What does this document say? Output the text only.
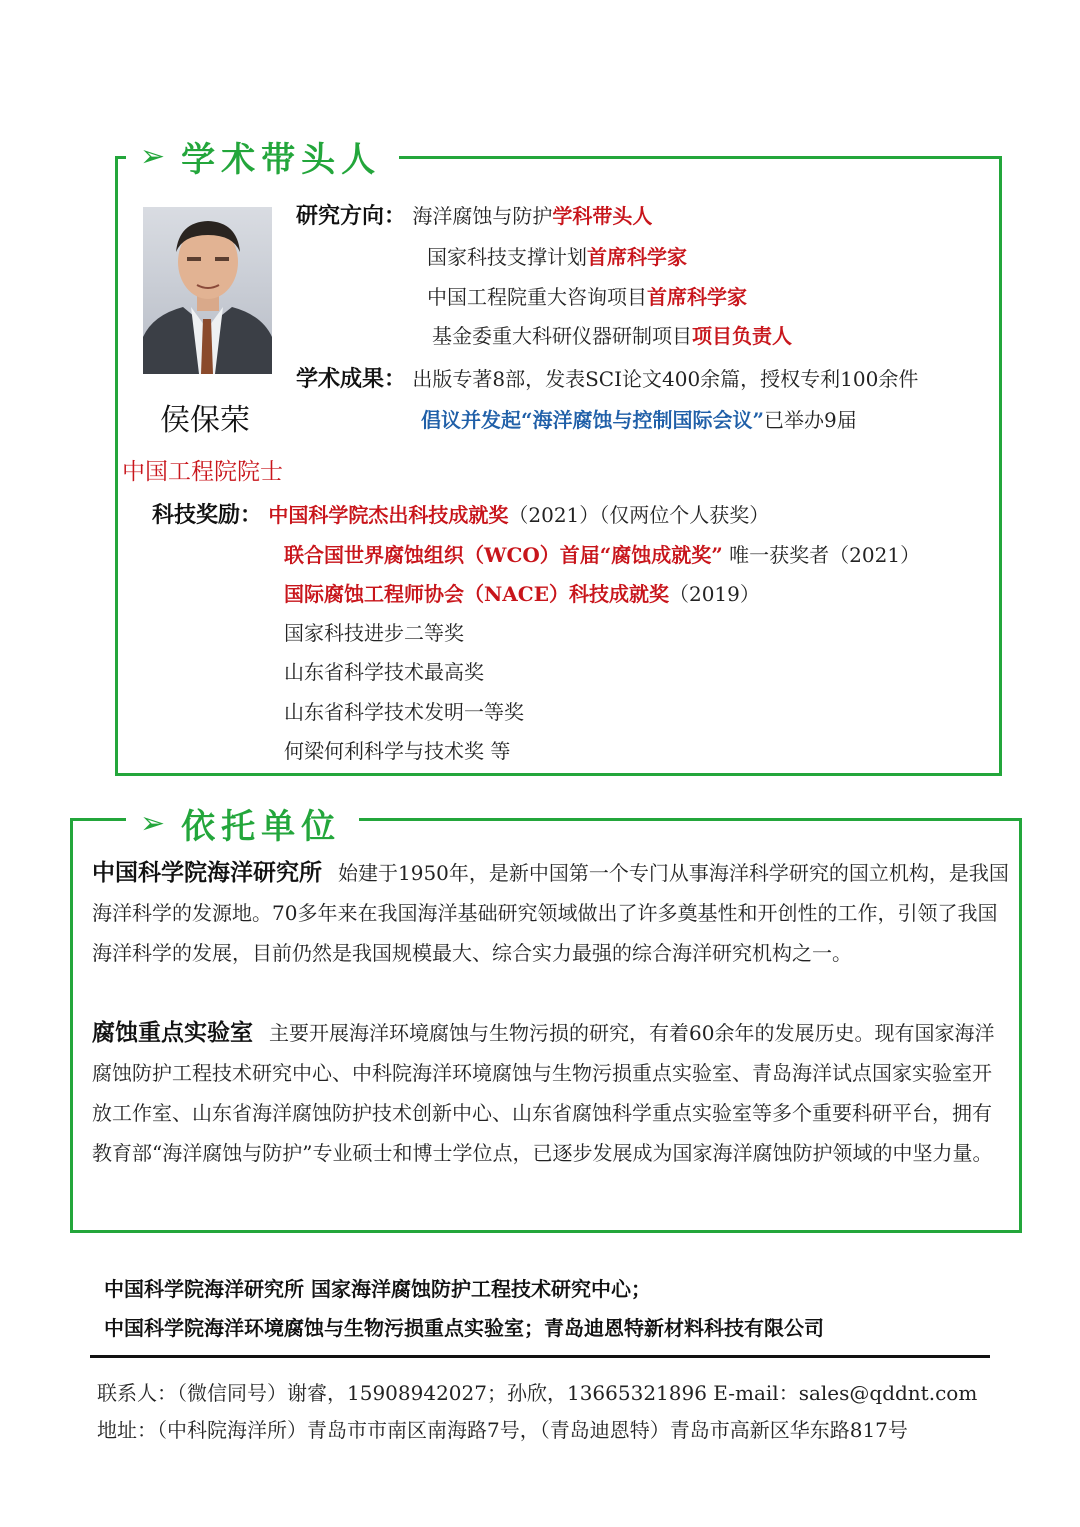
➢ 学术带头人
侯保荣
中国工程院院士
研究方向： 海洋腐蚀与防护学科带头人
国家科技支撑计划首席科学家
中国工程院重大咨询项目首席科学家
基金委重大科研仪器研制项目项目负责人
学术成果： 出版专著8部，发表SCI论文400余篇，授权专利100余件
倡议并发起“海洋腐蚀与控制国际会议”已举办9届
科技奖励： 中国科学院杰出科技成就奖（2021）（仅两位个人获奖）
联合国世界腐蚀组织（WCO）首届“腐蚀成就奖” 唯一获奖者（2021）
国际腐蚀工程师协会（NACE）科技成就奖（2019）
国家科技进步二等奖
山东省科学技术最高奖
山东省科学技术发明一等奖
何梁何利科学与技术奖 等
➢ 依托单位
中国科学院海洋研究所 始建于1950年，是新中国第一个专门从事海洋科学研究的国立机构，是我国海洋科学的发源地。70多年来在我国海洋基础研究领域做出了许多奠基性和开创性的工作，引领了我国海洋科学的发展，目前仍然是我国规模最大、综合实力最强的综合海洋研究机构之一。
腐蚀重点实验室 主要开展海洋环境腐蚀与生物污损的研究，有着60余年的发展历史。现有国家海洋腐蚀防护工程技术研究中心、中科院海洋环境腐蚀与生物污损重点实验室、青岛海洋试点国家实验室开放工作室、山东省海洋腐蚀防护技术创新中心、山东省腐蚀科学重点实验室等多个重要科研平台，拥有教育部“海洋腐蚀与防护”专业硕士和博士学位点，已逐步发展成为国家海洋腐蚀防护领域的中坚力量。
中国科学院海洋研究所 国家海洋腐蚀防护工程技术研究中心；
中国科学院海洋环境腐蚀与生物污损重点实验室；青岛迪恩特新材料科技有限公司
联系人：（微信同号）谢睿，15908942027；孙欣，13665321896 E-mail：sales@qddnt.com
地址：（中科院海洋所）青岛市市南区南海路7号，（青岛迪恩特）青岛市高新区华东路817号
